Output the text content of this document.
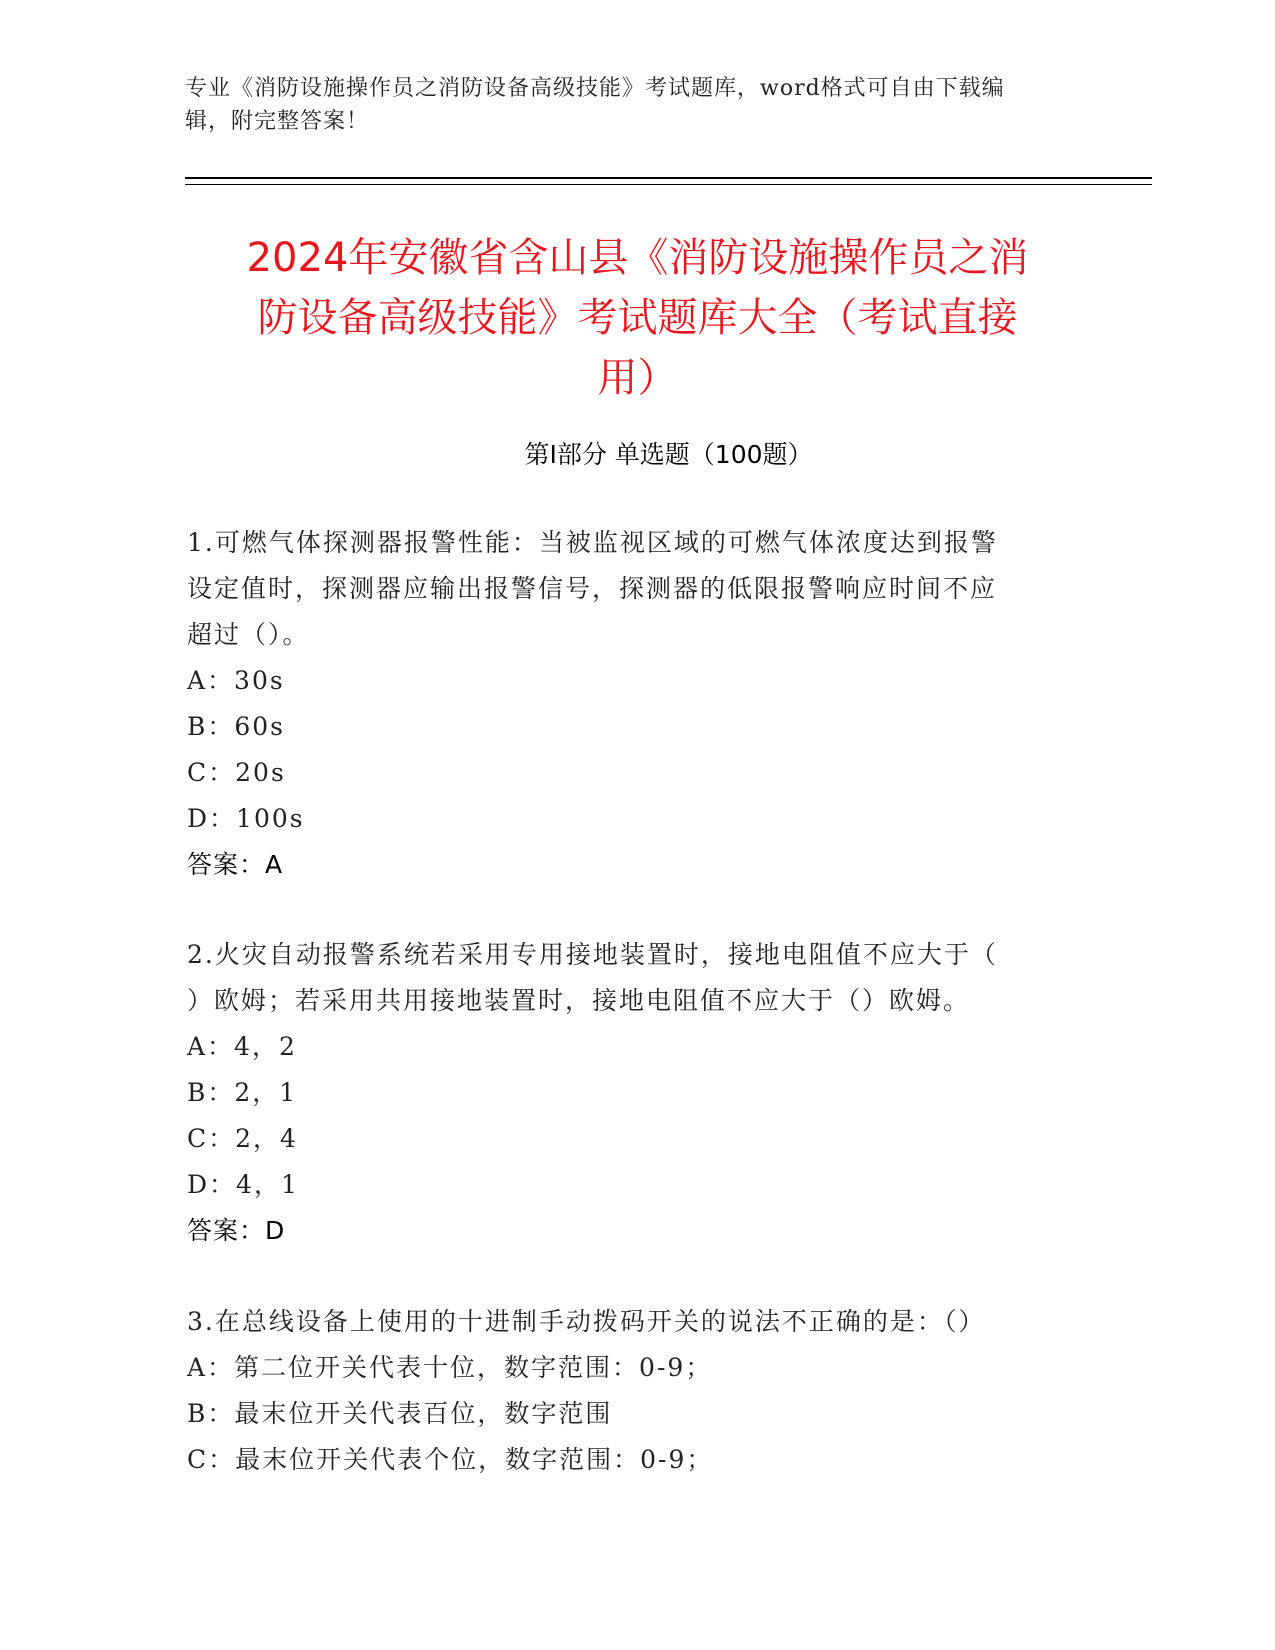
专业《消防设施操作员之消防设备高级技能》考试题库，word格式可自由下载编
辑，附完整答案！
2024年安徽省含山县《消防设施操作员之消
防设备高级技能》考试题库大全（考试直接
用）
第I部分 单选题（100题）

1.可燃气体探测器报警性能：当被监视区域的可燃气体浓度达到报警

设定值时，探测器应输出报警信号，探测器的低限报警响应时间不应

超过（）。

A：30s

B：60s

C：20s

D：100s

答案：A

2.火灾自动报警系统若采用专用接地装置时，接地电阻值不应大于（

）欧姆；若采用共用接地装置时，接地电阻值不应大于（）欧姆。

A：4，2

B：2，1

C：2，4

D：4，1

答案：D

3.在总线设备上使用的十进制手动拨码开关的说法不正确的是：（）

A：第二位开关代表十位，数字范围：0-9；

B：最末位开关代表百位，数字范围

C：最末位开关代表个位，数字范围：0-9；
